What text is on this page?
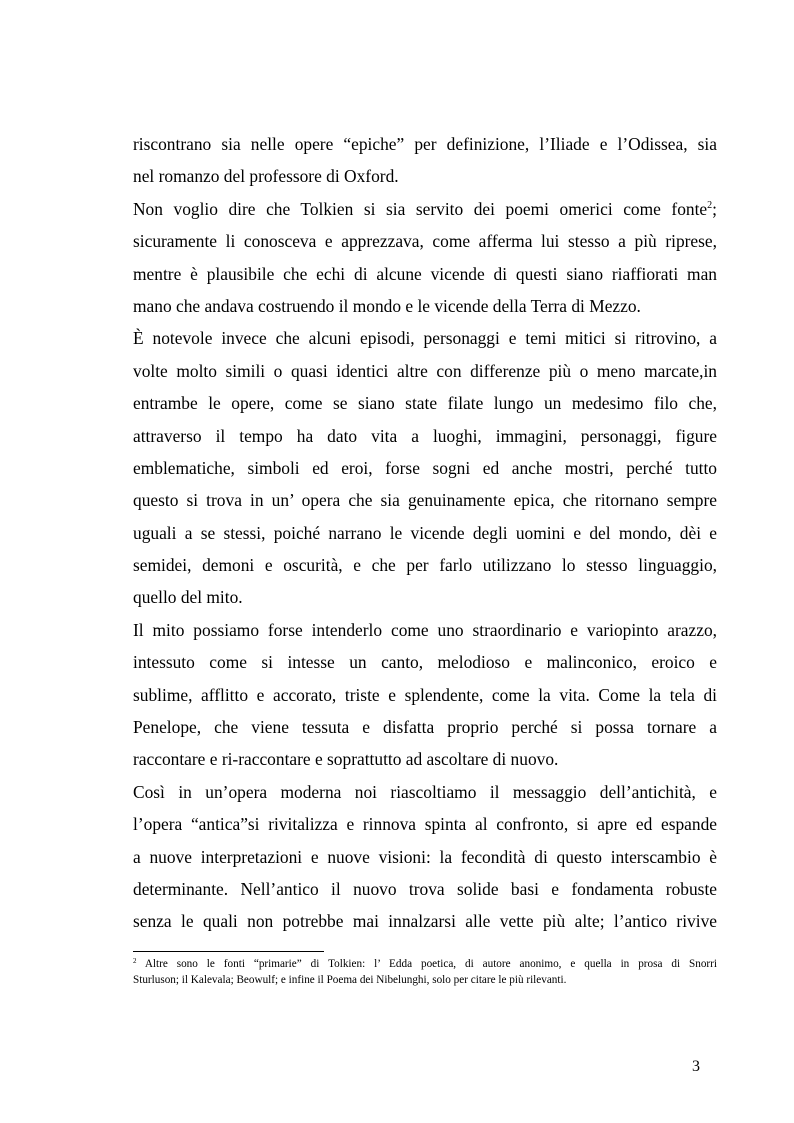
riscontrano sia nelle opere “epiche” per definizione, l’Iliade e l’Odissea, sia
nel romanzo del professore di Oxford.
Non voglio dire che Tolkien si sia servito dei poemi omerici come fonte$^2$;
sicuramente li conosceva e apprezzava, come afferma lui stesso a più riprese,
mentre è plausibile che echi di alcune vicende di questi siano riaffiorati man
mano che andava costruendo il mondo e le vicende della Terra di Mezzo.
È notevole invece che alcuni episodi, personaggi e temi mitici si ritrovino, a
volte molto simili o quasi identici altre con differenze più o meno marcate,in
entrambe le opere, come se siano state filate lungo un medesimo filo che,
attraverso il tempo ha dato vita a luoghi, immagini, personaggi, figure
emblematiche, simboli ed eroi, forse sogni ed anche mostri, perché tutto
questo si trova in un’ opera che sia genuinamente epica, che ritornano sempre
uguali a se stessi, poiché narrano le vicende degli uomini e del mondo, dèi e
semidei, demoni e oscurità, e che per farlo utilizzano lo stesso linguaggio,
quello del mito.
Il mito possiamo forse intenderlo come uno straordinario e variopinto arazzo,
intessuto come si intesse un canto, melodioso e malinconico, eroico e
sublime, afflitto e accorato, triste e splendente, come la vita. Come la tela di
Penelope, che viene tessuta e disfatta proprio perché si possa tornare a
raccontare e ri-raccontare e soprattutto ad ascoltare di nuovo.
Così in un’opera moderna noi riascoltiamo il messaggio dell’antichità, e
l’opera “antica”si rivitalizza e rinnova spinta al confronto, si apre ed espande
a nuove interpretazioni e nuove visioni: la fecondità di questo interscambio è
determinante. Nell’antico il nuovo trova solide basi e fondamenta robuste
senza le quali non potrebbe mai innalzarsi alle vette più alte; l’antico rivive
$^2$ Altre sono le fonti “primarie” di Tolkien: l’ Edda poetica, di autore anonimo, e quella in prosa di Snorri
Sturluson; il Kalevala; Beowulf; e infine il Poema dei Nibelunghi, solo per citare le più rilevanti.
3
